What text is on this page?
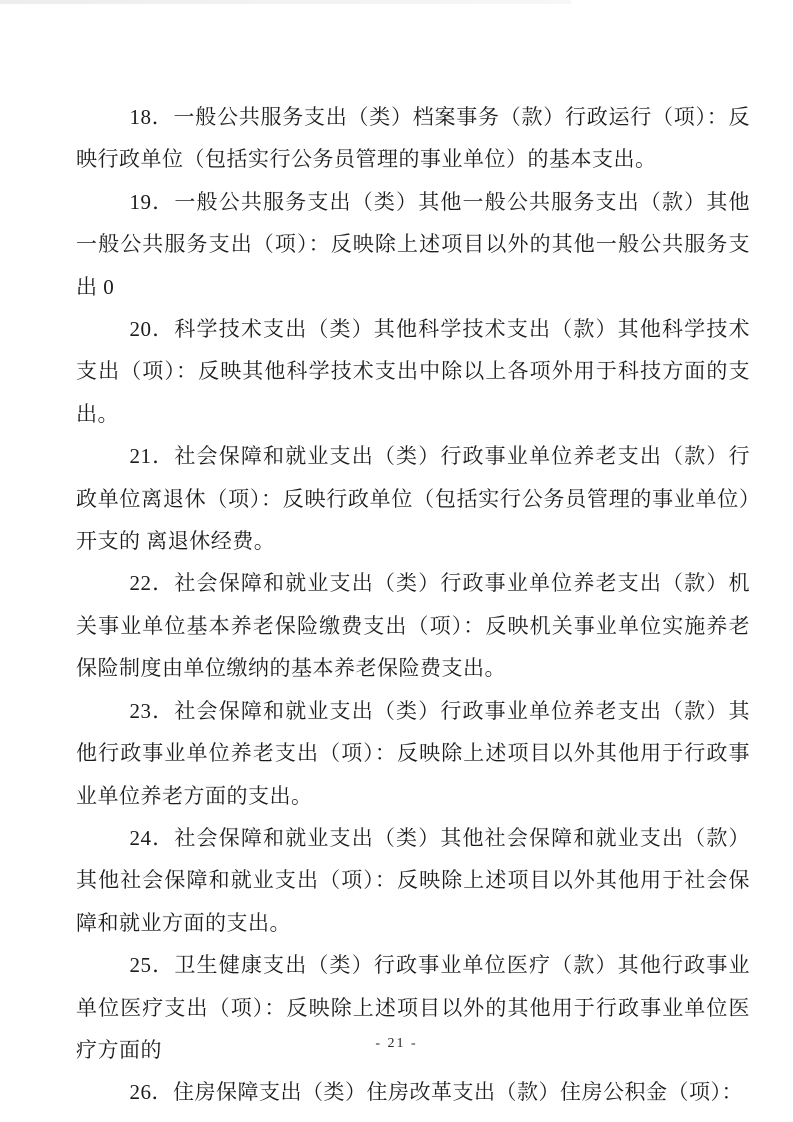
18．一般公共服务支出（类）档案事务（款）行政运行（项）：反映行政单位（包括实行公务员管理的事业单位）的基本支出。

19．一般公共服务支出（类）其他一般公共服务支出（款）其他一般公共服务支出（项）：反映除上述项目以外的其他一般公共服务支出 0

20．科学技术支出（类）其他科学技术支出（款）其他科学技术支出（项）：反映其他科学技术支出中除以上各项外用于科技方面的支出。

21．社会保障和就业支出（类）行政事业单位养老支出（款）行政单位离退休（项）：反映行政单位（包括实行公务员管理的事业单位）开支的 离退休经费。

22．社会保障和就业支出（类）行政事业单位养老支出（款）机关事业单位基本养老保险缴费支出（项）：反映机关事业单位实施养老保险制度由单位缴纳的基本养老保险费支出。

23．社会保障和就业支出（类）行政事业单位养老支出（款）其他行政事业单位养老支出（项）：反映除上述项目以外其他用于行政事业单位养老方面的支出。

24．社会保障和就业支出（类）其他社会保障和就业支出（款）其他社会保障和就业支出（项）：反映除上述项目以外其他用于社会保障和就业方面的支出。

25．卫生健康支出（类）行政事业单位医疗（款）其他行政事业单位医疗支出（项）：反映除上述项目以外的其他用于行政事业单位医疗方面的

26．住房保障支出（类）住房改革支出（款）住房公积金（项）：

- 21 -
